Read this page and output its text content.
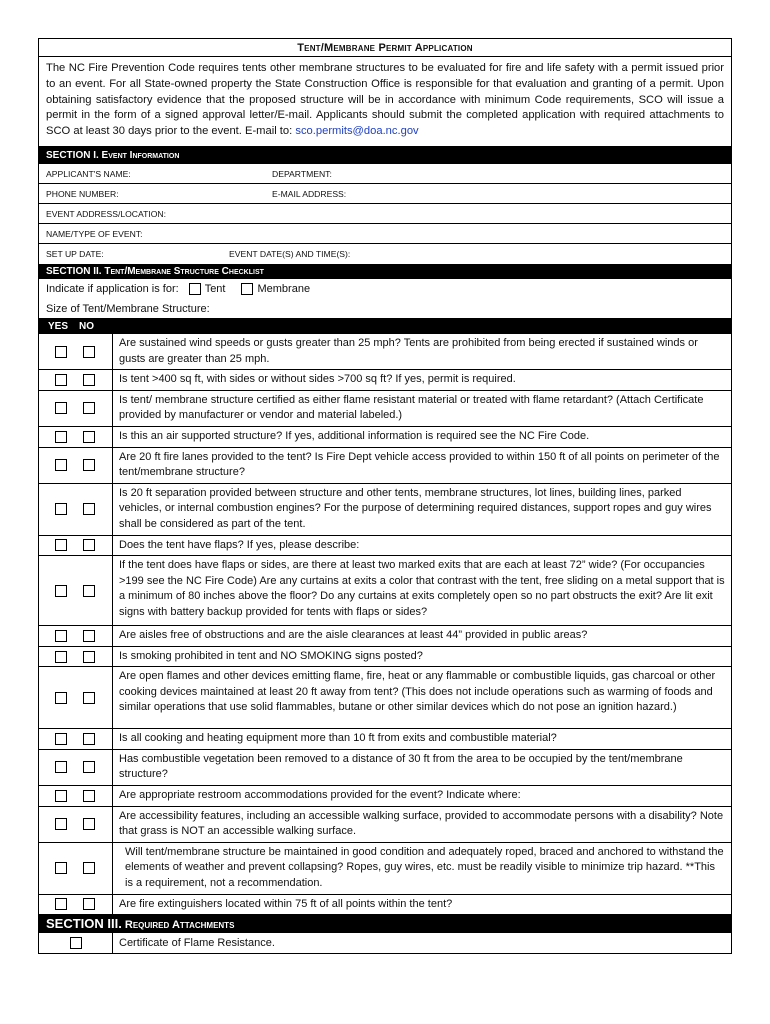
Tent/Membrane Permit Application
The NC Fire Prevention Code requires tents other membrane structures to be evaluated for fire and life safety with a permit issued prior to an event. For all State-owned property the State Construction Office is responsible for that evaluation and granting of a permit. Upon obtaining satisfactory evidence that the proposed structure will be in accordance with minimum Code requirements, SCO will issue a permit in the form of a signed approval letter/E-mail. Applicants should submit the completed application with required attachments to SCO at least 30 days prior to the event. E-mail to: sco.permits@doa.nc.gov
SECTION I. Event Information
APPLICANT'S NAME:	DEPARTMENT:
PHONE NUMBER:	E-MAIL ADDRESS:
EVENT ADDRESS/LOCATION:
NAME/TYPE OF EVENT:
SET UP DATE:	EVENT DATE(S) AND TIME(S):
SECTION II. Tent/Membrane Structure Checklist
Indicate if application is for: Tent	Membrane
Size of Tent/Membrane Structure:
YES NO
Are sustained wind speeds or gusts greater than 25 mph? Tents are prohibited from being erected if sustained winds or gusts are greater than 25 mph.
Is tent >400 sq ft, with sides or without sides >700 sq ft? If yes, permit is required.
Is tent/ membrane structure certified as either flame resistant material or treated with flame retardant? (Attach Certificate provided by manufacturer or vendor and material labeled.)
Is this an air supported structure? If yes, additional information is required see the NC Fire Code.
Are 20 ft fire lanes provided to the tent? Is Fire Dept vehicle access provided to within 150 ft of all points on perimeter of the tent/membrane structure?
Is 20 ft separation provided between structure and other tents, membrane structures, lot lines, building lines, parked vehicles, or internal combustion engines? For the purpose of determining required distances, support ropes and guy wires shall be considered as part of the tent.
Does the tent have flaps? If yes, please describe:
If the tent does have flaps or sides, are there at least two marked exits that are each at least 72” wide? (For occupancies >199 see the NC Fire Code) Are any curtains at exits a color that contrast with the tent, free sliding on a metal support that is a minimum of 80 inches above the floor? Do any curtains at exits completely open so no part obstructs the exit? Are lit exit signs with battery backup provided for tents with flaps or sides?
Are aisles free of obstructions and are the aisle clearances at least 44” provided in public areas?
Is smoking prohibited in tent and NO SMOKING signs posted?
Are open flames and other devices emitting flame, fire, heat or any flammable or combustible liquids, gas charcoal or other cooking devices maintained at least 20 ft away from tent? (This does not include operations such as warming of foods and similar operations that use solid flammables, butane or other similar devices which do not pose an ignition hazard.)
Is all cooking and heating equipment more than 10 ft from exits and combustible material?
Has combustible vegetation been removed to a distance of 30 ft from the area to be occupied by the tent/membrane structure?
Are appropriate restroom accommodations provided for the event? Indicate where:
Are accessibility features, including an accessible walking surface, provided to accommodate persons with a disability? Note that grass is NOT an accessible walking surface.
Will tent/membrane structure be maintained in good condition and adequately roped, braced and anchored to withstand the elements of weather and prevent collapsing? Ropes, guy wires, etc. must be readily visible to minimize trip hazard. **This is a requirement, not a recommendation.
Are fire extinguishers located within 75 ft of all points within the tent?
SECTION III. Required Attachments
Certificate of Flame Resistance.
